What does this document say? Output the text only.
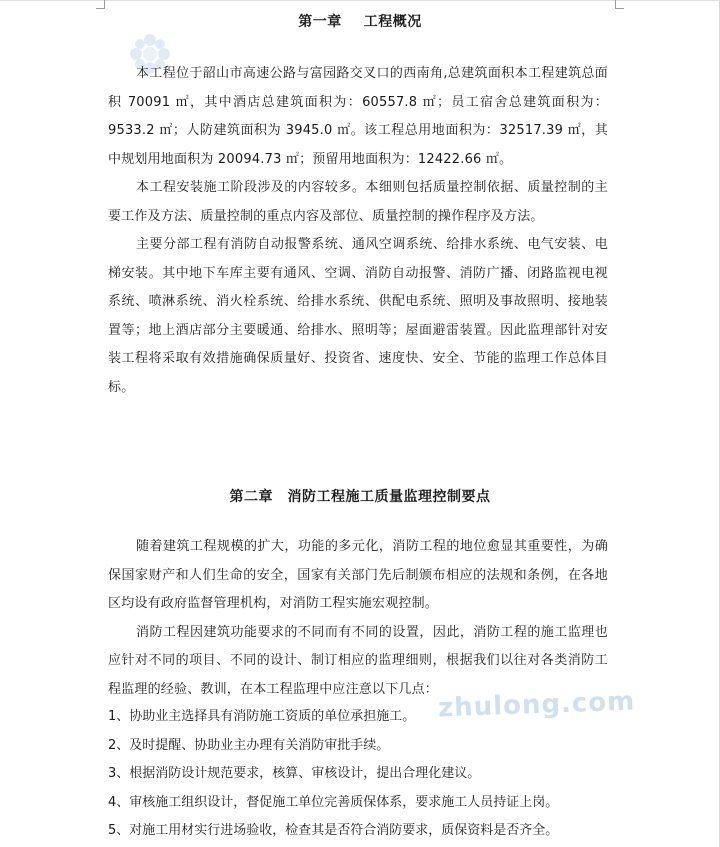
第一章 工程概况

本工程位于韶山市高速公路与富园路交叉口的西南角,总建筑面积本工程建筑总面积 70091 ㎡，其中酒店总建筑面积为：60557.8 ㎡；员工宿舍总建筑面积为：9533.2 ㎡；人防建筑面积为 3945.0 ㎡。该工程总用地面积为：32517.39 ㎡，其中规划用地面积为 20094.73 ㎡；预留用地面积为：12422.66 ㎡。

本工程安装施工阶段涉及的内容较多。本细则包括质量控制依据、质量控制的主要工作及方法、质量控制的重点内容及部位、质量控制的操作程序及方法。

主要分部工程有消防自动报警系统、通风空调系统、给排水系统、电气安装、电梯安装。其中地下车库主要有通风、空调、消防自动报警、消防广播、闭路监视电视系统、喷淋系统、消火栓系统、给排水系统、供配电系统、照明及事故照明、接地装置等；地上酒店部分主要暖通、给排水、照明等；屋面避雷装置。因此监理部针对安装工程将采取有效措施确保质量好、投资省、速度快、安全、节能的监理工作总体目标。

第二章　消防工程施工质量监理控制要点

随着建筑工程规模的扩大，功能的多元化，消防工程的地位愈显其重要性，为确保国家财产和人们生命的安全，国家有关部门先后制颁布相应的法规和条例，在各地区均设有政府监督管理机构，对消防工程实施宏观控制。

消防工程因建筑功能要求的不同而有不同的设置，因此，消防工程的施工监理也应针对不同的项目、不同的设计、制订相应的监理细则，根据我们以往对各类消防工程监理的经验、教训，在本工程监理中应注意以下几点：

1、协助业主选择具有消防施工资质的单位承担施工。
2、及时提醒、协助业主办理有关消防审批手续。
3、根据消防设计规范要求，核算、审核设计，提出合理化建议。
4、审核施工组织设计，督促施工单位完善质保体系，要求施工人员持证上岗。
5、对施工用材实行进场验收，检查其是否符合消防要求，质保资料是否齐全。
zhulong.com
